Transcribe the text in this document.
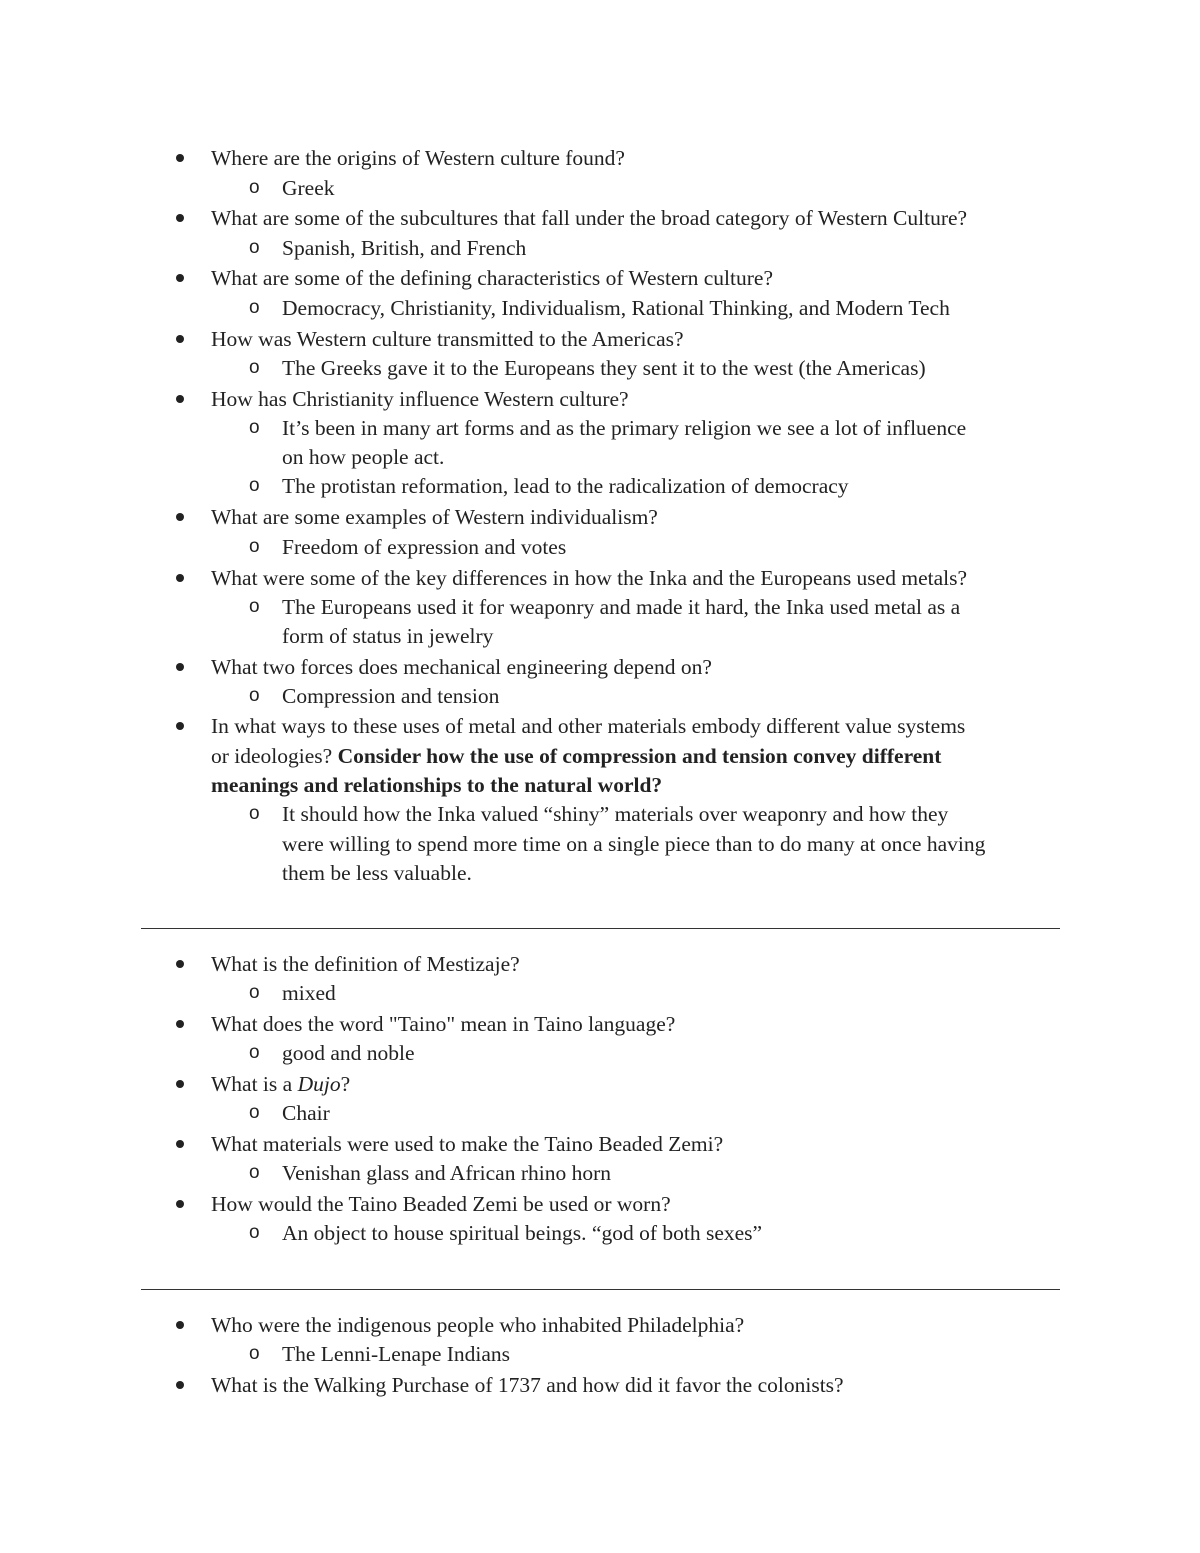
Where are the origins of Western culture found?
o Greek
What are some of the subcultures that fall under the broad category of Western Culture?
o Spanish, British, and French
What are some of the defining characteristics of Western culture?
o Democracy, Christianity, Individualism, Rational Thinking, and Modern Tech
How was Western culture transmitted to the Americas?
o The Greeks gave it to the Europeans they sent it to the west (the Americas)
How has Christianity influence Western culture?
o It’s been in many art forms and as the primary religion we see a lot of influence
on how people act.
o The protistan reformation, lead to the radicalization of democracy
What are some examples of Western individualism?
o Freedom of expression and votes
What were some of the key differences in how the Inka and the Europeans used metals?
o The Europeans used it for weaponry and made it hard, the Inka used metal as a
form of status in jewelry
What two forces does mechanical engineering depend on?
o Compression and tension
In what ways to these uses of metal and other materials embody different value systems
or ideologies? Consider how the use of compression and tension convey different
meanings and relationships to the natural world?
o It should how the Inka valued “shiny” materials over weaponry and how they
were willing to spend more time on a single piece than to do many at once having
them be less valuable.
What is the definition of Mestizaje?
o mixed
What does the word "Taino" mean in Taino language?
o good and noble
What is a Dujo?
o Chair
What materials were used to make the Taino Beaded Zemi?
o Venishan glass and African rhino horn
How would the Taino Beaded Zemi be used or worn?
o An object to house spiritual beings. “god of both sexes”
Who were the indigenous people who inhabited Philadelphia?
o The Lenni-Lenape Indians
What is the Walking Purchase of 1737 and how did it favor the colonists?
